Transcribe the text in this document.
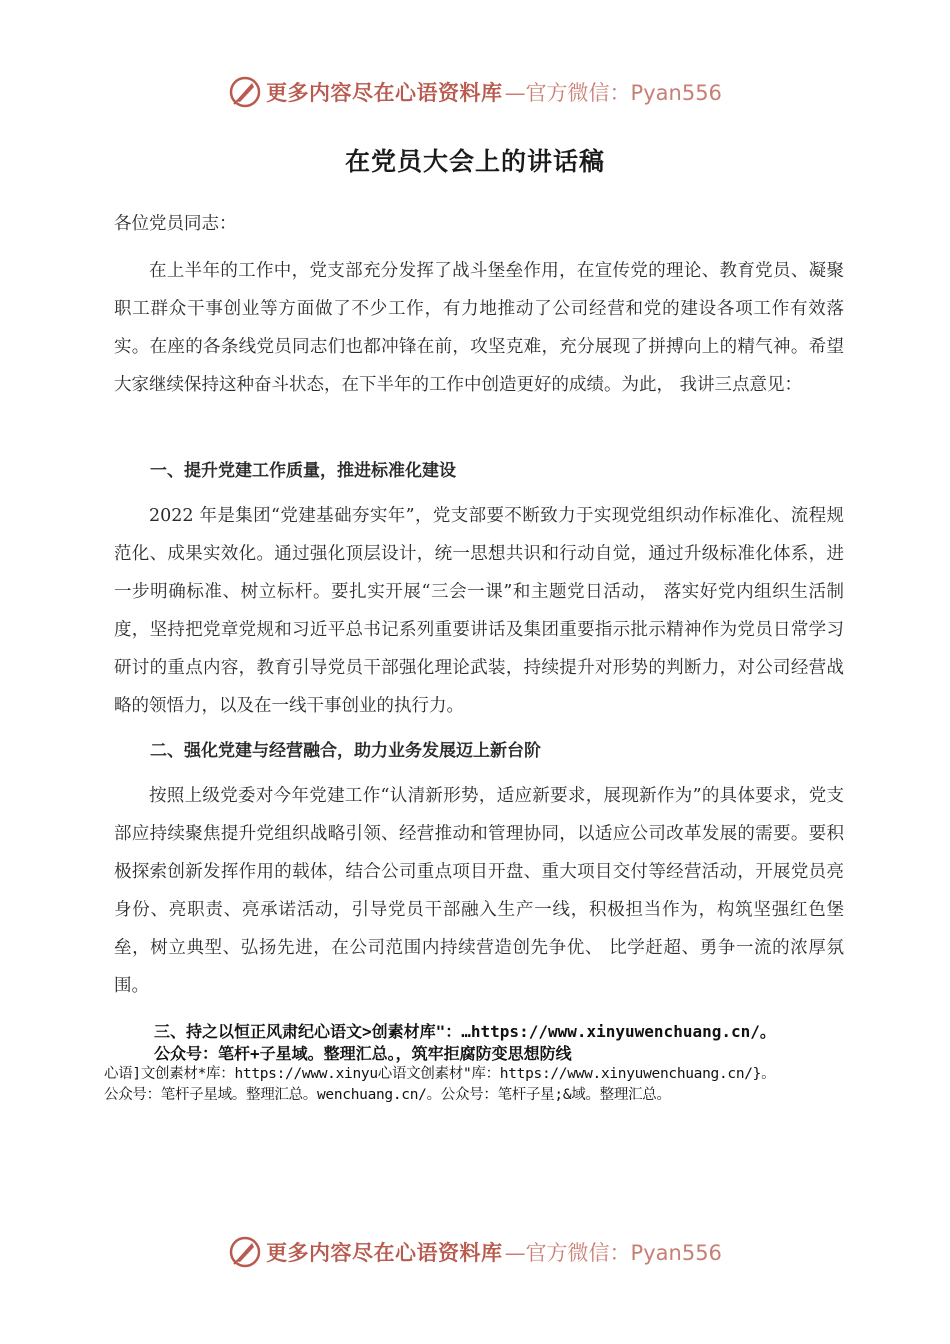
更多内容尽在心语资料库 —官方微信：Pyan556
在党员大会上的讲话稿
各位党员同志：
在上半年的工作中，党支部充分发挥了战斗堡垒作用，在宣传党的理论、教育党员、凝聚职工群众干事创业等方面做了不少工作，有力地推动了公司经营和党的建设各项工作有效落实。在座的各条线党员同志们也都冲锋在前，攻坚克难，充分展现了拼搏向上的精气神。希望大家继续保持这种奋斗状态，在下半年的工作中创造更好的成绩。为此， 我讲三点意见：
一、提升党建工作质量，推进标准化建设
2022 年是集团“党建基础夯实年”，党支部要不断致力于实现党组织动作标准化、流程规范化、成果实效化。通过强化顶层设计，统一思想共识和行动自觉，通过升级标准化体系，进一步明确标准、树立标杆。要扎实开展“三会一课”和主题党日活动， 落实好党内组织生活制度，坚持把党章党规和习近平总书记系列重要讲话及集团重要指示批示精神作为党员日常学习研讨的重点内容，教育引导党员干部强化理论武装，持续提升对形势的判断力，对公司经营战略的领悟力，以及在一线干事创业的执行力。
二、强化党建与经营融合，助力业务发展迈上新台阶
按照上级党委对今年党建工作“认清新形势，适应新要求，展现新作为”的具体要求，党支部应持续聚焦提升党组织战略引领、经营推动和管理协同，以适应公司改革发展的需要。要积极探索创新发挥作用的载体，结合公司重点项目开盘、重大项目交付等经营活动，开展党员亮身份、亮职责、亮承诺活动，引导党员干部融入生产一线，积极担当作为，构筑坚强红色堡垒，树立典型、弘扬先进，在公司范围内持续营造创先争优、 比学赶超、勇争一流的浓厚氛围。
三、持之以恒正风肃纪心语文>创素材库"：…https://www.xinyuwenchuang.cn/。
公众号：笔杆+子星域。整理汇总。，筑牢拒腐防变思想防线
心语]文创素材*库：https://www.xinyu心语文创素材"库：https://www.xinyuwenchuang.cn/}。
公众号：笔杆子星域。整理汇总。wenchuang.cn/。公众号：笔杆子星;&域。整理汇总。
更多内容尽在心语资料库 —官方微信：Pyan556
